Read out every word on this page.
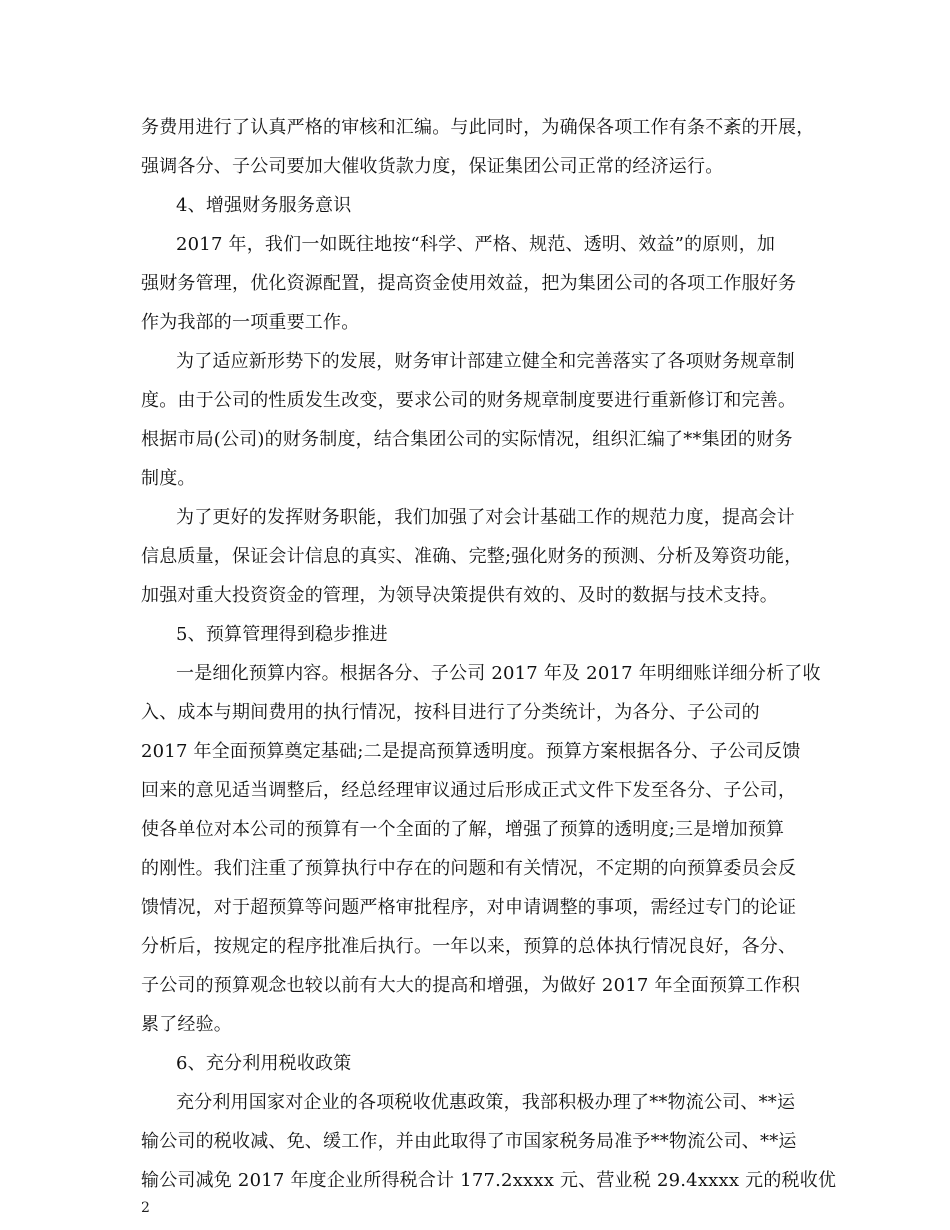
务费用进行了认真严格的审核和汇编。与此同时，为确保各项工作有条不紊的开展，
强调各分、子公司要加大催收货款力度，保证集团公司正常的经济运行。
4、增强财务服务意识
2017 年，我们一如既往地按“科学、严格、规范、透明、效益”的原则，加
强财务管理，优化资源配置，提高资金使用效益，把为集团公司的各项工作服好务
作为我部的一项重要工作。
为了适应新形势下的发展，财务审计部建立健全和完善落实了各项财务规章制
度。由于公司的性质发生改变，要求公司的财务规章制度要进行重新修订和完善。
根据市局(公司)的财务制度，结合集团公司的实际情况，组织汇编了**集团的财务
制度。
为了更好的发挥财务职能，我们加强了对会计基础工作的规范力度，提高会计
信息质量，保证会计信息的真实、准确、完整;强化财务的预测、分析及筹资功能，
加强对重大投资资金的管理，为领导决策提供有效的、及时的数据与技术支持。
5、预算管理得到稳步推进
一是细化预算内容。根据各分、子公司 2017 年及 2017 年明细账详细分析了收
入、成本与期间费用的执行情况，按科目进行了分类统计，为各分、子公司的
2017 年全面预算奠定基础;二是提高预算透明度。预算方案根据各分、子公司反馈
回来的意见适当调整后，经总经理审议通过后形成正式文件下发至各分、子公司，
使各单位对本公司的预算有一个全面的了解，增强了预算的透明度;三是增加预算
的刚性。我们注重了预算执行中存在的问题和有关情况，不定期的向预算委员会反
馈情况，对于超预算等问题严格审批程序，对申请调整的事项，需经过专门的论证
分析后，按规定的程序批准后执行。一年以来，预算的总体执行情况良好，各分、
子公司的预算观念也较以前有大大的提高和增强，为做好 2017 年全面预算工作积
累了经验。
6、充分利用税收政策
充分利用国家对企业的各项税收优惠政策，我部积极办理了**物流公司、**运
输公司的税收减、免、缓工作，并由此取得了市国家税务局准予**物流公司、**运
输公司减免 2017 年度企业所得税合计 177.2xxxx 元、营业税 29.4xxxx 元的税收优
2
